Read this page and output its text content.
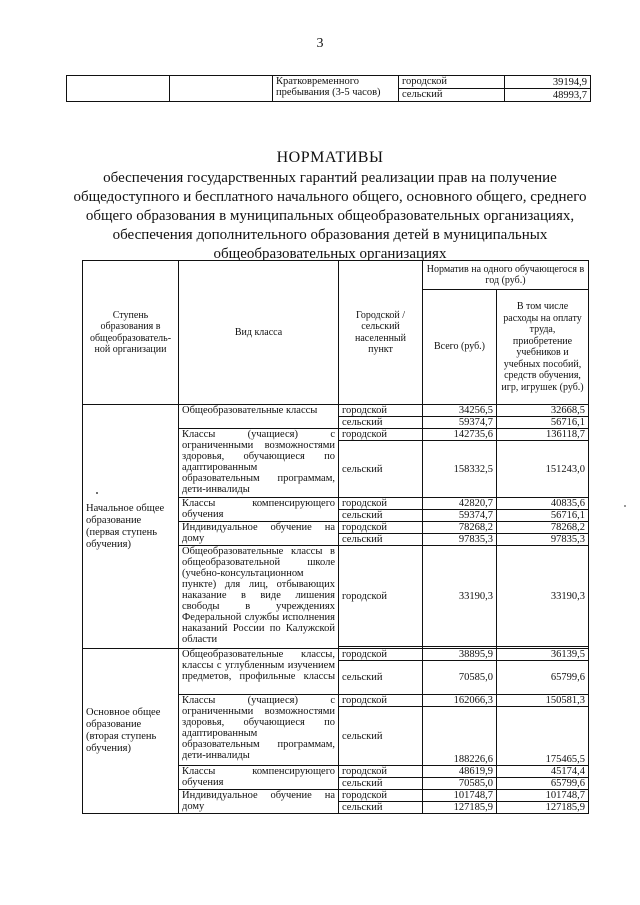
3
		Кратковременного пребывания (3-5 часов)	городской	39194,9
			сельский	48993,7
НОРМАТИВЫ
обеспечения государственных гарантий реализации прав на получение
общедоступного и бесплатного начального общего, основного общего, среднего
общего образования в муниципальных общеобразовательных организациях,
обеспечения дополнительного образования детей в муниципальных
общеобразовательных организациях
Ступень образования в общеобразователь-ной организации	Вид класса	Городской / сельский населенный пункт	Норматив на одного обучающегося в год (руб.)	
			Всего (руб.)	В том числе расходы на оплату труда, приобретение учебников и учебных пособий, средств обучения, игр, игрушек (руб.)
Начальное общее образование (первая ступень обучения)	Общеобразовательные классы	городской	34256,5	32668,5
		сельский	59374,7	56716,1
	Классы (учащиеся) с ограниченными возможностями здоровья, обучающиеся по адаптированным образовательным программам, дети-инвалиды	городской	142735,6	136118,7
		сельский	158332,5	151243,0
	Классы компенсирующего обучения	городской	42820,7	40835,6
		сельский	59374,7	56716,1
	Индивидуальное обучение на дому	городской	78268,2	78268,2
		сельский	97835,3	97835,3
	Общеобразовательные классы в общеобразовательной школе (учебно-консультационном пункте) для лиц, отбывающих наказание в виде лишения свободы в учреждениях Федеральной службы исполнения наказаний России по Калужской области	городской	33190,3	33190,3

Основное общее образование (вторая ступень обучения)	Общеобразовательные классы, классы с углубленным изучением предметов, профильные классы	городской	38895,9	36139,5
		сельский	70585,0	65799,6
	Классы (учащиеся) с ограниченными возможностями здоровья, обучающиеся по адаптированным образовательным программам, дети-инвалиды	городской	162066,3	150581,3
		сельский	188226,6	175465,5
	Классы компенсирующего обучения	городской	48619,9	45174,4
		сельский	70585,0	65799,6
	Индивидуальное обучение на дому	городской	101748,7	101748,7
		сельский	127185,9	127185,9
